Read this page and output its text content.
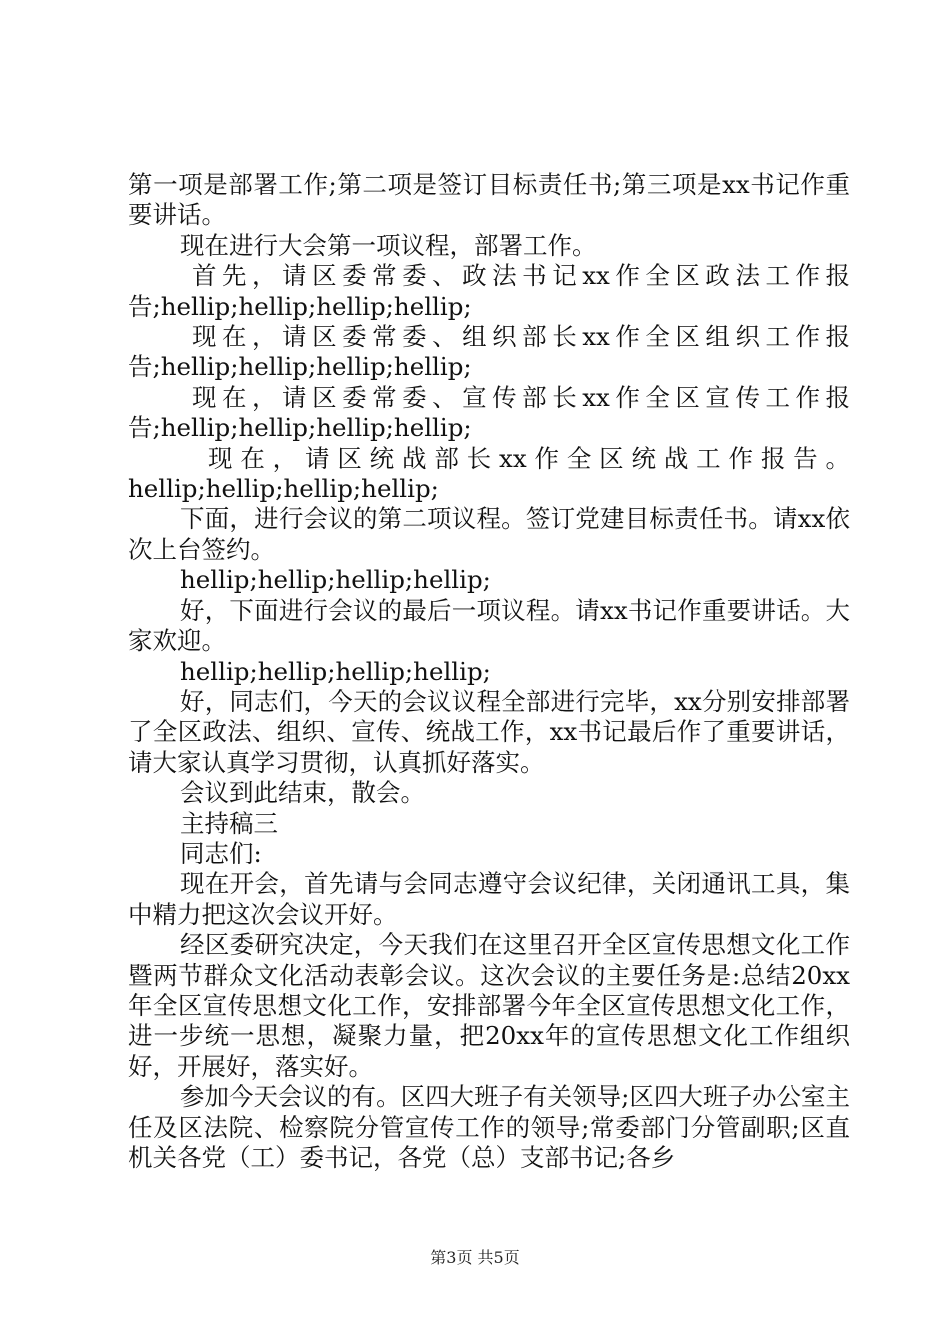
第一项是部署工作;第二项是签订目标责任书;第三项是xx书记作重要讲话。

现在进行大会第一项议程，部署工作。

首先，请区委常委、政法书记xx作全区政法工作报告;hellip;hellip;hellip;hellip;

现在，请区委常委、组织部长xx作全区组织工作报告;hellip;hellip;hellip;hellip;

现在，请区委常委、宣传部长xx作全区宣传工作报告;hellip;hellip;hellip;hellip;

现在，请区统战部长xx作全区统战工作报告。hellip;hellip;hellip;hellip;

下面，进行会议的第二项议程。签订党建目标责任书。请xx依次上台签约。

hellip;hellip;hellip;hellip;

好，下面进行会议的最后一项议程。请xx书记作重要讲话。大家欢迎。

hellip;hellip;hellip;hellip;

好，同志们，今天的会议议程全部进行完毕，xx分别安排部署了全区政法、组织、宣传、统战工作，xx书记最后作了重要讲话，请大家认真学习贯彻，认真抓好落实。

会议到此结束，散会。

主持稿三

同志们:

现在开会，首先请与会同志遵守会议纪律，关闭通讯工具，集中精力把这次会议开好。

经区委研究决定，今天我们在这里召开全区宣传思想文化工作暨两节群众文化活动表彰会议。这次会议的主要任务是:总结20xx年全区宣传思想文化工作，安排部署今年全区宣传思想文化工作，进一步统一思想，凝聚力量，把20xx年的宣传思想文化工作组织好，开展好，落实好。

参加今天会议的有。区四大班子有关领导;区四大班子办公室主任及区法院、检察院分管宣传工作的领导;常委部门分管副职;区直机关各党（工）委书记，各党（总）支部书记;各乡

第3页 共5页
